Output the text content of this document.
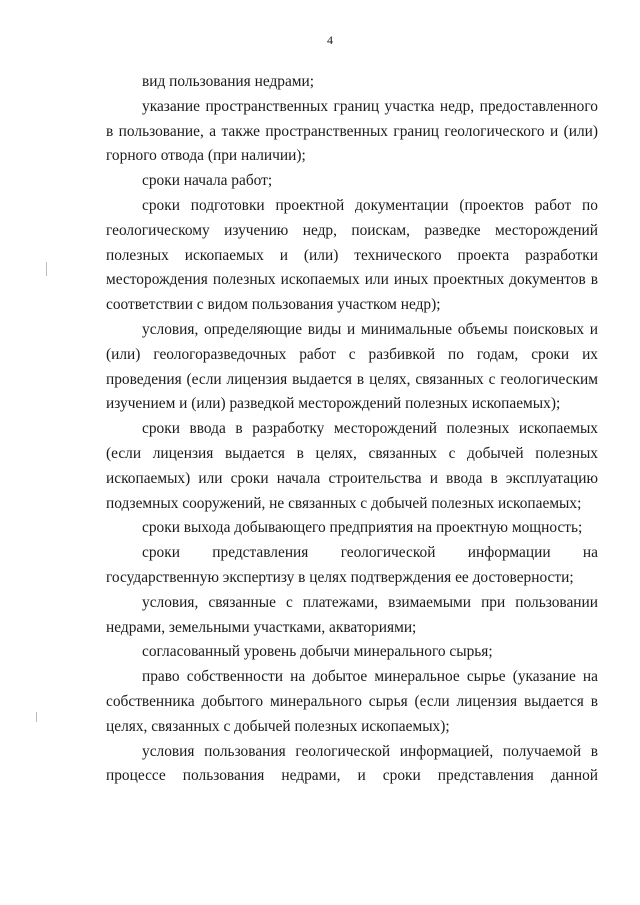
4

вид пользования недрами;

указание пространственных границ участка недр, предоставленного в пользование, а также пространственных границ геологического и (или) горного отвода (при наличии);

сроки начала работ;

сроки подготовки проектной документации (проектов работ по геологическому изучению недр, поискам, разведке месторождений полезных ископаемых и (или) технического проекта разработки месторождения полезных ископаемых или иных проектных документов в соответствии с видом пользования участком недр);

условия, определяющие виды и минимальные объемы поисковых и (или) геологоразведочных работ с разбивкой по годам, сроки их проведения (если лицензия выдается в целях, связанных с геологическим изучением и (или) разведкой месторождений полезных ископаемых);

сроки ввода в разработку месторождений полезных ископаемых (если лицензия выдается в целях, связанных с добычей полезных ископаемых) или сроки начала строительства и ввода в эксплуатацию подземных сооружений, не связанных с добычей полезных ископаемых;

сроки выхода добывающего предприятия на проектную мощность;

сроки представления геологической информации на государственную экспертизу в целях подтверждения ее достоверности;

условия, связанные с платежами, взимаемыми при пользовании недрами, земельными участками, акваториями;

согласованный уровень добычи минерального сырья;

право собственности на добытое минеральное сырье (указание на собственника добытого минерального сырья (если лицензия выдается в целях, связанных с добычей полезных ископаемых);

условия пользования геологической информацией, получаемой в процессе пользования недрами, и сроки представления данной
